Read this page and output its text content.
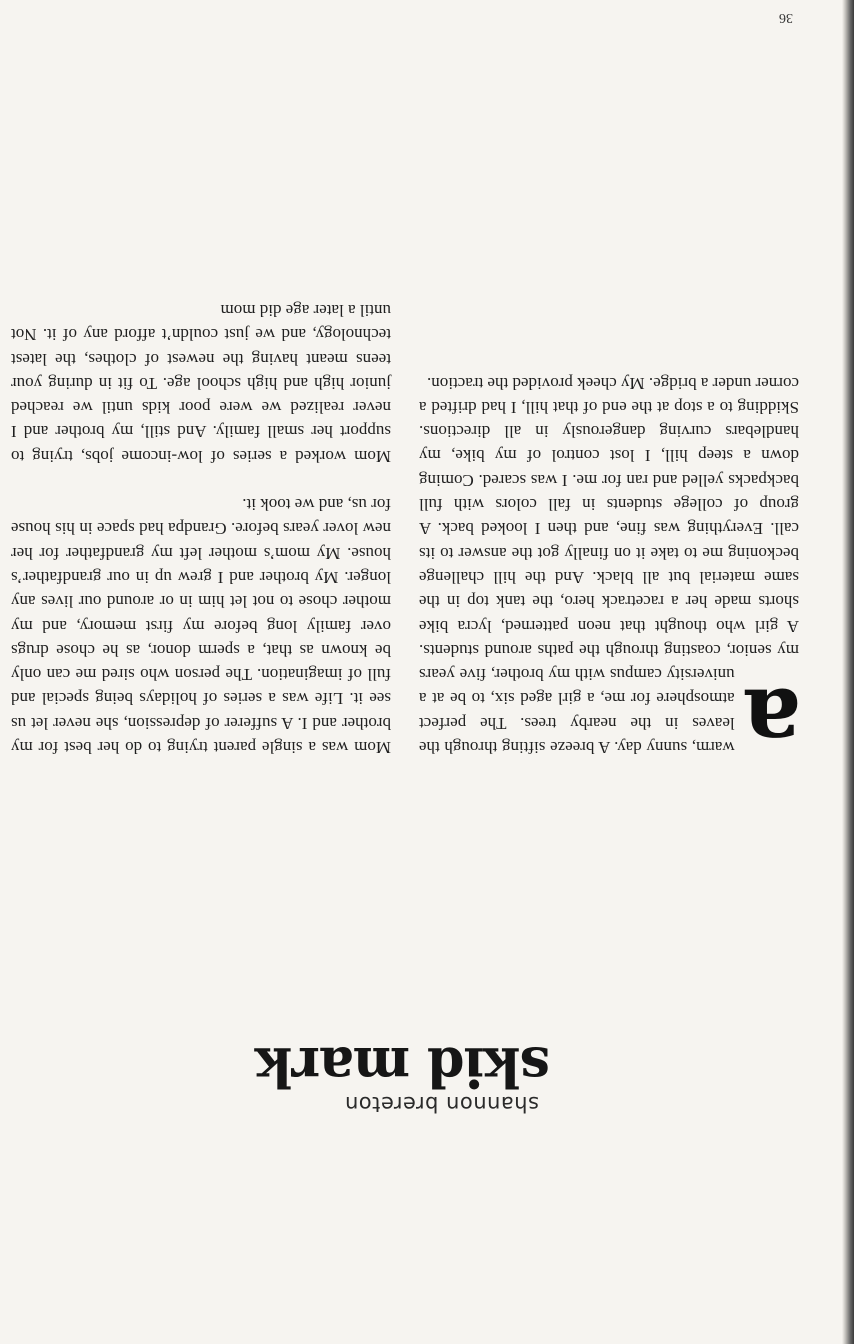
36
shannon brereton
skid mark

a
warm, sunny day. A breeze sifting through the leaves in the nearby trees. The perfect atmosphere for me, a girl aged six, to be at a university campus with my brother, five years my senior, coasting through the paths around students. A girl who thought that neon patterned, lycra bike shorts made her a racetrack hero, the tank top in the same material but all black. And the hill challenge beckoning me to take it on finally got the answer to its call. Everything was fine, and then I looked back. A group of college students in fall colors with full backpacks yelled and ran for me. I was scared. Coming down a steep hill, I lost control of my bike, my handlebars curving dangerously in all directions. Skidding to a stop at the end of that hill, I had drifted a corner under a bridge. My cheek provided the traction.

Mom was a single parent trying to do her best for my brother and I. A sufferer of depression, she never let us see it. Life was a series of holidays being special and full of imagination. The person who sired me can only be known as that, a sperm donor, as he chose drugs over family long before my first memory, and my mother chose to not let him in or around our lives any longer. My brother and I grew up in our grandfather’s house. My mom’s mother left my grandfather for her new lover years before. Grandpa had space in his house for us, and we took it.

Mom worked a series of low-income jobs, trying to support her small family. And still, my brother and I never realized we were poor kids until we reached junior high and high school age. To fit in during your teens meant having the newest of clothes, the latest technology, and we just couldn’t afford any of it. Not until a later age did mom
